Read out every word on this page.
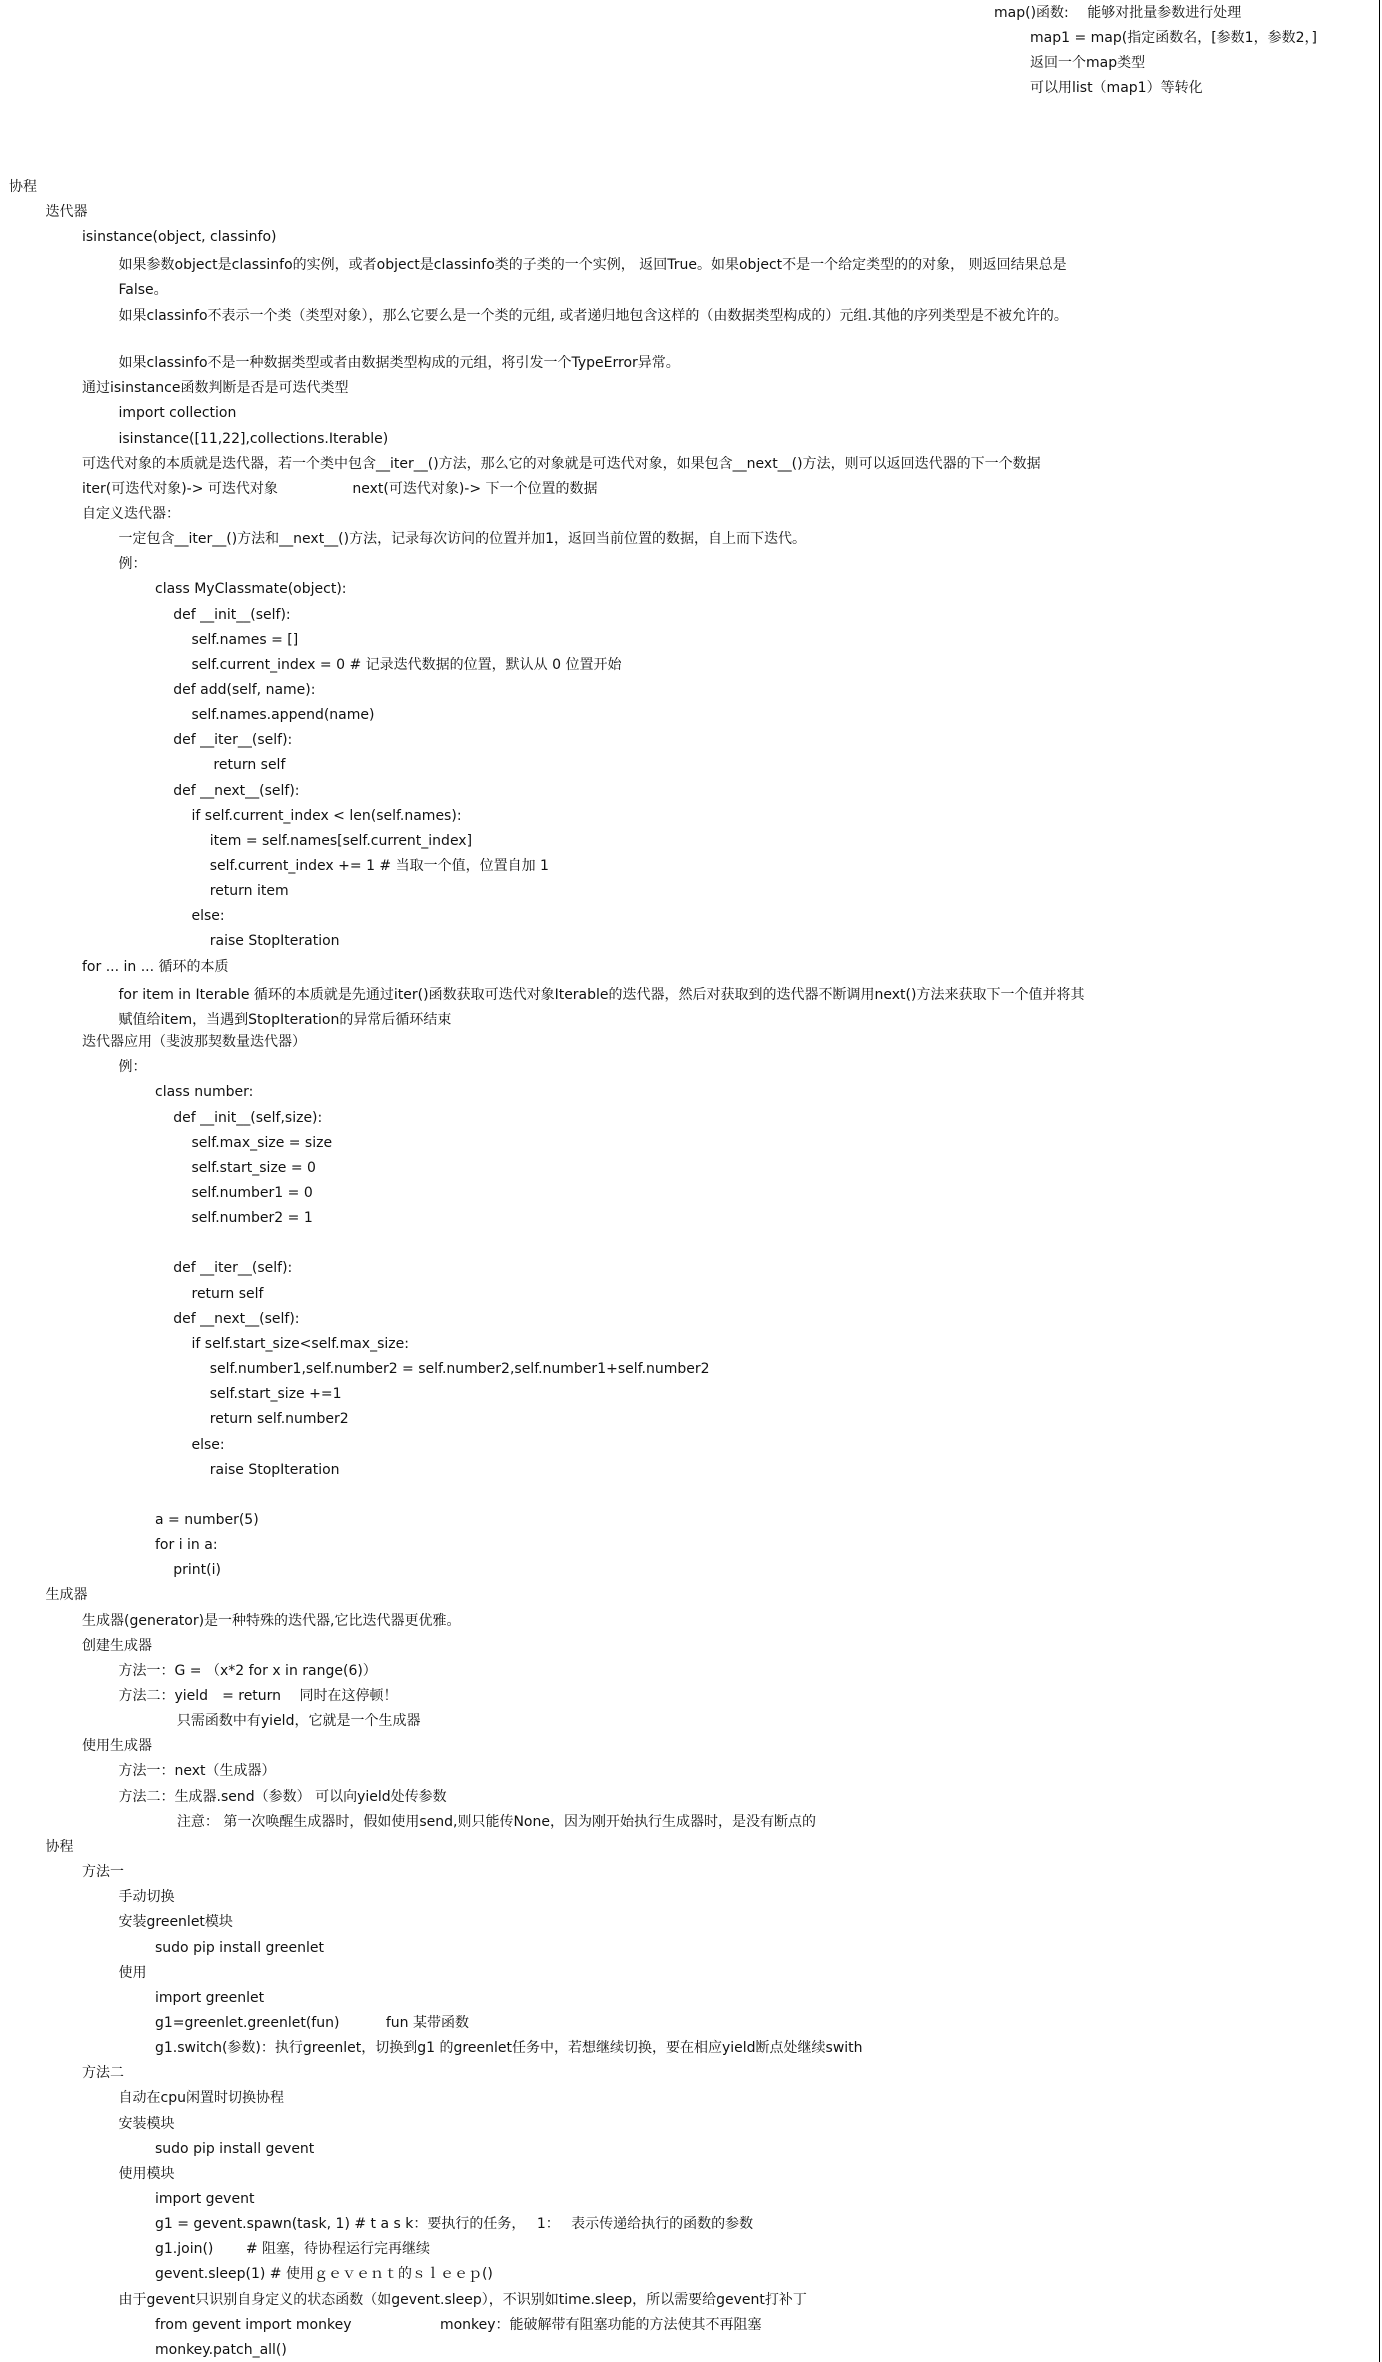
map()函数:　 能够对批量参数进行处理
map1 = map(指定函数名，[参数1，参数2，]
返回一个map类型
可以用list（map1）等转化
协程
迭代器
isinstance(object, classinfo)
如果参数object是classinfo的实例，或者object是classinfo类的子类的一个实例， 返回True。如果object不是一个给定类型的的对象， 则返回结果总是False。
如果classinfo不表示一个类（类型对象），那么它要么是一个类的元组, 或者递归地包含这样的（由数据类型构成的）元组.其他的序列类型是不被允许的。
如果classinfo不是一种数据类型或者由数据类型构成的元组，将引发一个TypeError异常。
通过isinstance函数判断是否是可迭代类型
import collection
isinstance([11,22],collections.Iterable)
可迭代对象的本质就是迭代器，若一个类中包含__iter__()方法，那么它的对象就是可迭代对象，如果包含__next__()方法，则可以返回迭代器的下一个数据
iter(可迭代对象)-> 可迭代对象　　　　　 next(可迭代对象)-> 下一个位置的数据
自定义迭代器：
一定包含__iter__()方法和__next__()方法，记录每次访问的位置并加1，返回当前位置的数据，自上而下迭代。
例：
class MyClassmate(object):
def __init__(self):
self.names = []
self.current_index = 0 # 记录迭代数据的位置，默认从 0 位置开始
def add(self, name):
self.names.append(name)
def __iter__(self):
return self
def __next__(self):
if self.current_index < len(self.names):
item = self.names[self.current_index]
self.current_index += 1 # 当取一个值，位置自加 1
return item
else:
raise StopIteration
for ... in ... 循环的本质
for item in Iterable 循环的本质就是先通过iter()函数获取可迭代对象Iterable的迭代器，然后对获取到的迭代器不断调用next()方法来获取下一个值并将其赋值给item，当遇到StopIteration的异常后循环结束
迭代器应用（斐波那契数量迭代器）
例：
class number:
def __init__(self,size):
self.max_size = size
self.start_size = 0
self.number1 = 0
self.number2 = 1
def __iter__(self):
return self
def __next__(self):
if self.start_size<self.max_size:
self.number1,self.number2 = self.number2,self.number1+self.number2
self.start_size +=1
return self.number2
else:
raise StopIteration
a = number(5)
for i in a:
print(i)
生成器
生成器(generator)是一种特殊的迭代器,它比迭代器更优雅。
创建生成器
方法一：G = （x*2 for x in range(6)）
方法二：yield　= return　 同时在这停顿！
只需函数中有yield，它就是一个生成器
使用生成器
方法一：next（生成器）
方法二：生成器.send（参数） 可以向yield处传参数
注意： 第一次唤醒生成器时，假如使用send,则只能传None，因为刚开始执行生成器时，是没有断点的
协程
方法一
手动切换
安装greenlet模块
sudo pip install greenlet
使用
import greenlet
g1=greenlet.greenlet(fun)　　　 fun 某带函数
g1.switch(参数)：执行greenlet，切换到g1 的greenlet任务中，若想继续切换，要在相应yield断点处继续swith
方法二
自动在cpu闲置时切换协程
安装模块
sudo pip install gevent
使用模块
import gevent
g1 = gevent.spawn(task, 1) # t a s k：要执行的任务，　 1：　 表示传递给执行的函数的参数
g1.join()　　 # 阻塞，待协程运行完再继续
gevent.sleep(1) # 使用ｇｅｖｅｎｔ的ｓｌｅｅｐ()
由于gevent只识别自身定义的状态函数（如gevent.sleep），不识别如time.sleep，所以需要给gevent打补丁
from gevent import monkey　　　　　　 monkey：能破解带有阻塞功能的方法使其不再阻塞
monkey.patch_all()
